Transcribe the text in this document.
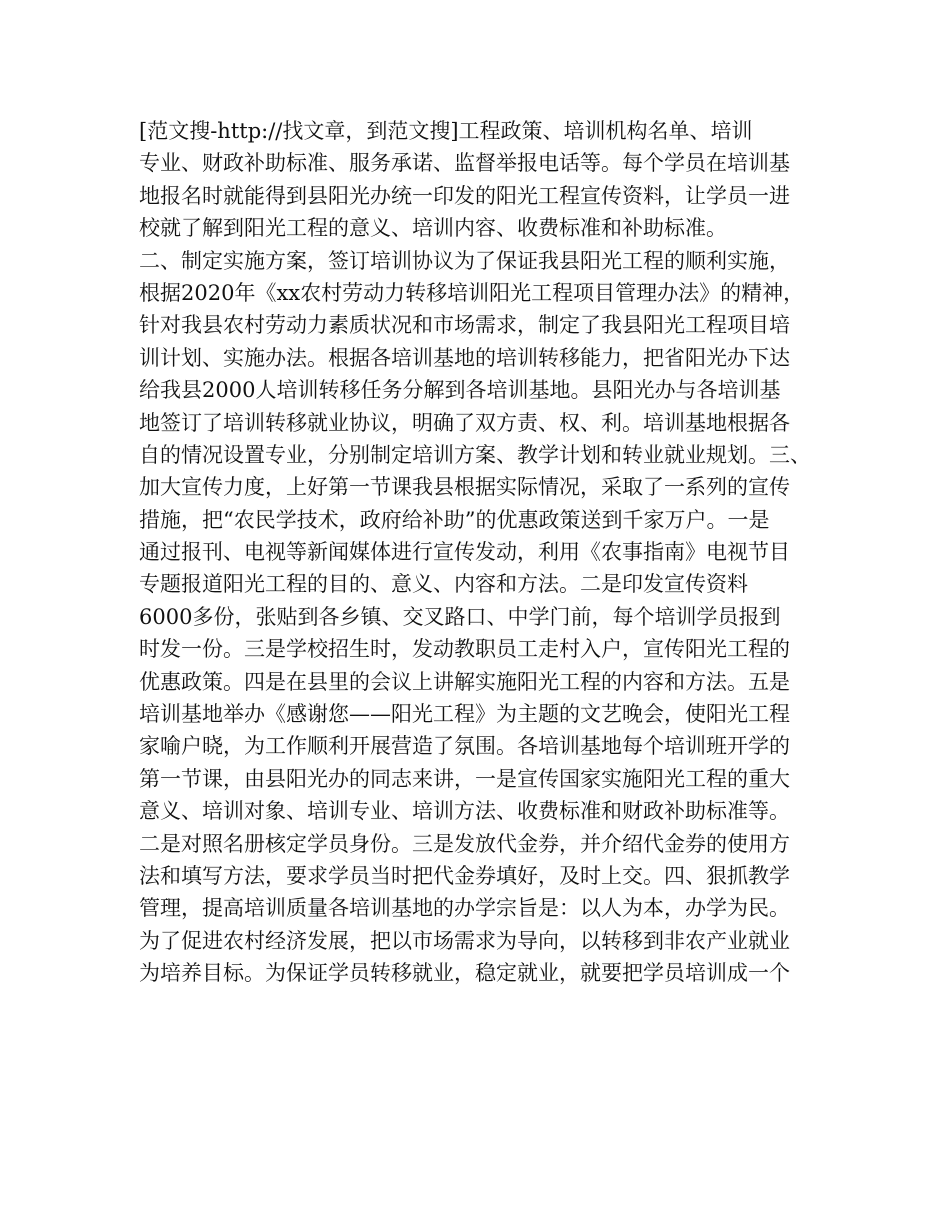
[范文搜-http://找文章，到范文搜]工程政策、培训机构名单、培训
专业、财政补助标准、服务承诺、监督举报电话等。每个学员在培训基
地报名时就能得到县阳光办统一印发的阳光工程宣传资料，让学员一进
校就了解到阳光工程的意义、培训内容、收费标准和补助标准。
二、制定实施方案，签订培训协议为了保证我县阳光工程的顺利实施，
根据2020年《xx农村劳动力转移培训阳光工程项目管理办法》的精神，
针对我县农村劳动力素质状况和市场需求，制定了我县阳光工程项目培
训计划、实施办法。根据各培训基地的培训转移能力，把省阳光办下达
给我县2000人培训转移任务分解到各培训基地。县阳光办与各培训基
地签订了培训转移就业协议，明确了双方责、权、利。培训基地根据各
自的情况设置专业，分别制定培训方案、教学计划和转业就业规划。三、
加大宣传力度，上好第一节课我县根据实际情况，采取了一系列的宣传
措施，把“农民学技术，政府给补助”的优惠政策送到千家万户。一是
通过报刊、电视等新闻媒体进行宣传发动，利用《农事指南》电视节目
专题报道阳光工程的目的、意义、内容和方法。二是印发宣传资料
6000多份，张贴到各乡镇、交叉路口、中学门前，每个培训学员报到
时发一份。三是学校招生时，发动教职员工走村入户，宣传阳光工程的
优惠政策。四是在县里的会议上讲解实施阳光工程的内容和方法。五是
培训基地举办《感谢您——阳光工程》为主题的文艺晚会，使阳光工程
家喻户晓，为工作顺利开展营造了氛围。各培训基地每个培训班开学的
第一节课，由县阳光办的同志来讲，一是宣传国家实施阳光工程的重大
意义、培训对象、培训专业、培训方法、收费标准和财政补助标准等。
二是对照名册核定学员身份。三是发放代金券，并介绍代金券的使用方
法和填写方法，要求学员当时把代金券填好，及时上交。四、狠抓教学
管理，提高培训质量各培训基地的办学宗旨是：以人为本，办学为民。
为了促进农村经济发展，把以市场需求为导向，以转移到非农产业就业
为培养目标。为保证学员转移就业，稳定就业，就要把学员培训成一个
